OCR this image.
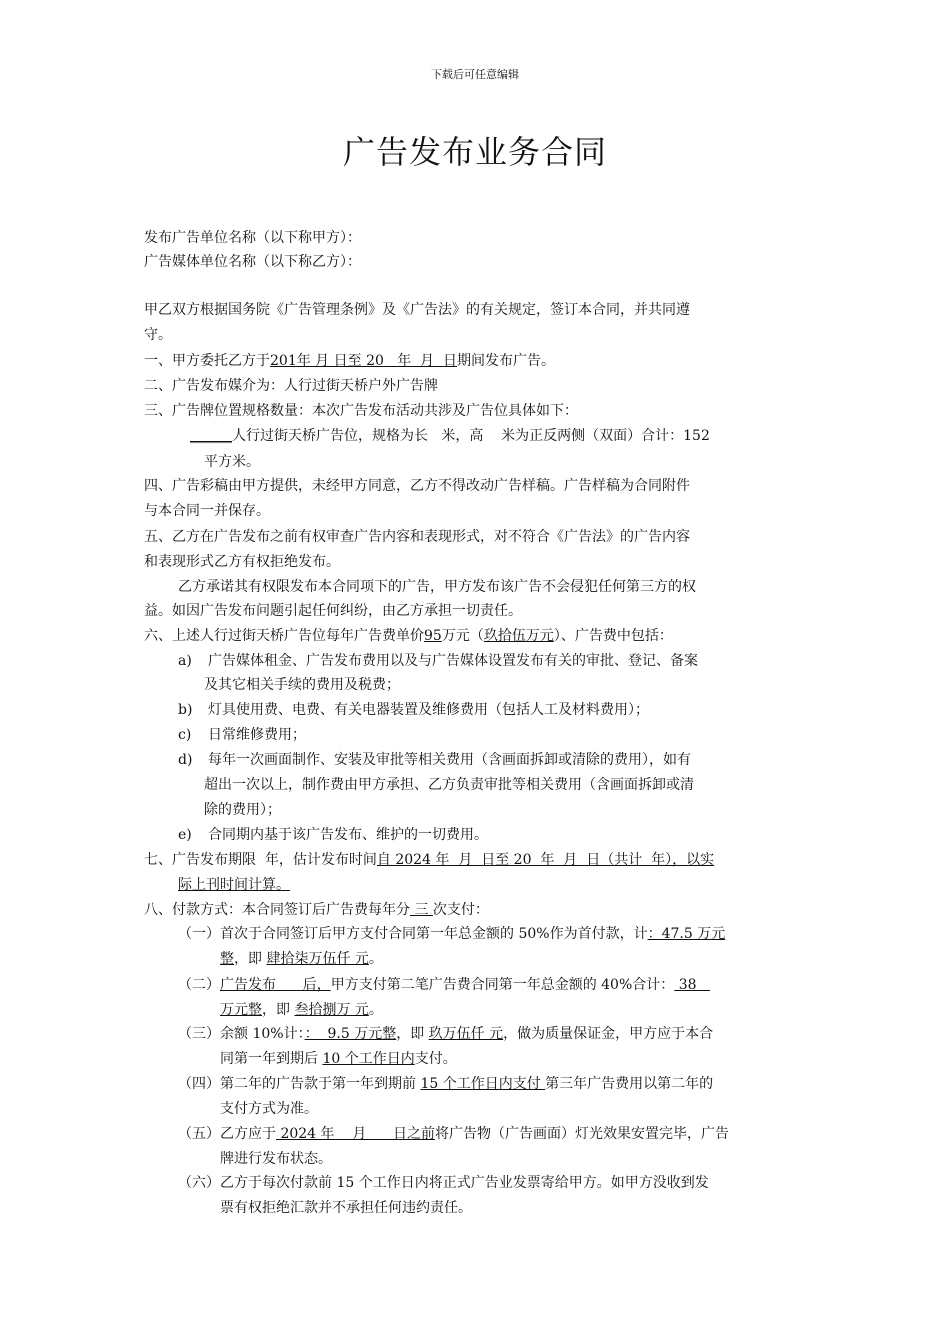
下载后可任意编辑
广告发布业务合同
发布广告单位名称（以下称甲方）：
广告媒体单位名称（以下称乙方）：
甲乙双方根据国务院《广告管理条例》及《广告法》的有关规定，签订本合同，并共同遵
守。
一、甲方委托乙方于201年 月 日至 20   年  月  日期间发布广告。
二、广告发布媒介为：人行过街天桥户外广告牌
三、广告牌位置规格数量：本次广告发布活动共涉及广告位具体如下：
______人行过街天桥广告位，规格为长   米，高    米为正反两侧（双面）合计：152
平方米。
四、广告彩稿由甲方提供，未经甲方同意，乙方不得改动广告样稿。广告样稿为合同附件
与本合同一并保存。
五、乙方在广告发布之前有权审查广告内容和表现形式，对不符合《广告法》的广告内容
和表现形式乙方有权拒绝发布。
乙方承诺其有权限发布本合同项下的广告，甲方发布该广告不会侵犯任何第三方的权
益。如因广告发布问题引起任何纠纷，由乙方承担一切责任。
六、上述人行过街天桥广告位每年广告费单价95万元（玖拾伍万元）、广告费中包括：
a) 广告媒体租金、广告发布费用以及与广告媒体设置发布有关的审批、登记、备案
及其它相关手续的费用及税费；
b) 灯具使用费、电费、有关电器装置及维修费用（包括人工及材料费用）；
c) 日常维修费用；
d) 每年一次画面制作、安装及审批等相关费用（含画面拆卸或清除的费用），如有
超出一次以上，制作费由甲方承担、乙方负责审批等相关费用（含画面拆卸或清
除的费用）；
e) 合同期内基于该广告发布、维护的一切费用。
七、广告发布期限  年，估计发布时间自 2024 年  月  日至 20  年  月  日（共计  年），以实
际上刊时间计算。
八、付款方式：本合同签订后广告费每年分 三 次支付：
（一）首次于合同签订后甲方支付合同第一年总金额的 50%作为首付款，计：47.5 万元
整，即 肆拾柒万伍仟 元。
（二）广告发布      后，甲方支付第二笔广告费合同第一年总金额的 40%合计： 38
万元整，即 叁拾捌万 元。
（三）余额 10%计：：  9.5 万元整，即 玖万伍仟 元，做为质量保证金，甲方应于本合
同第一年到期后 10 个工作日内支付。
（四）第二年的广告款于第一年到期前 15 个工作日内支付 第三年广告费用以第二年的
支付方式为准。
（五）乙方应于 2024 年    月      日之前将广告物（广告画面）灯光效果安置完毕，广告
牌进行发布状态。
（六）乙方于每次付款前 15 个工作日内将正式广告业发票寄给甲方。如甲方没收到发
票有权拒绝汇款并不承担任何违约责任。
